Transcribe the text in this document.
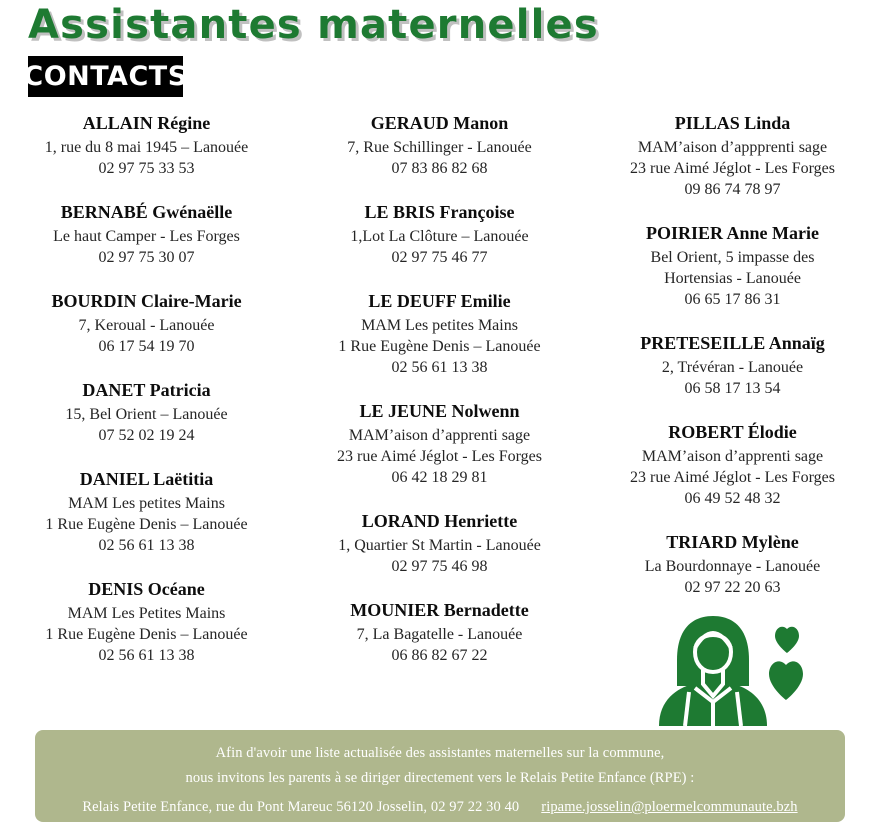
Assistantes maternelles
CONTACTS
ALLAIN Régine
1, rue du 8 mai 1945 – Lanouée
02 97 75 33 53
BERNABÉ Gwénaëlle
Le haut Camper - Les Forges
02 97 75 30 07
BOURDIN Claire-Marie
7, Keroual - Lanouée
06 17 54 19 70
DANET Patricia
15, Bel Orient – Lanouée
07 52 02 19 24
DANIEL Laëtitia
MAM Les petites Mains
1 Rue Eugène Denis – Lanouée
02 56 61 13 38
DENIS Océane
MAM Les Petites Mains
1 Rue Eugène Denis – Lanouée
02 56 61 13 38
GERAUD Manon
7, Rue Schillinger - Lanouée
07 83 86 82 68
LE BRIS Françoise
1,Lot La Clôture – Lanouée
02 97 75 46 77
LE DEUFF Emilie
MAM Les petites Mains
1 Rue Eugène Denis – Lanouée
02 56 61 13 38
LE JEUNE Nolwenn
MAM’aison d’apprenti sage
23 rue Aimé Jéglot - Les Forges
06 42 18 29 81
LORAND Henriette
1, Quartier St Martin - Lanouée
02 97 75 46 98
MOUNIER Bernadette
7, La Bagatelle - Lanouée
06 86 82 67 22
PILLAS Linda
MAM’aison d’appprenti sage
23 rue Aimé Jéglot - Les Forges
09 86 74 78 97
POIRIER Anne Marie
Bel Orient, 5 impasse des
Hortensias - Lanouée
06 65 17 86 31
PRETESEILLE Annaïg
2, Trévéran - Lanouée
06 58 17 13 54
ROBERT Élodie
MAM’aison d’apprenti sage
23 rue Aimé Jéglot - Les Forges
06 49 52 48 32
TRIARD Mylène
La Bourdonnaye - Lanouée
02 97 22 20 63
Afin d'avoir une liste actualisée des assistantes maternelles sur la commune,
nous invitons les parents à se diriger directement vers le Relais Petite Enfance (RPE) :
Relais Petite Enfance, rue du Pont Mareuc 56120 Josselin, 02 97 22 30 40 ripame.josselin@ploermelcommunaute.bzh
